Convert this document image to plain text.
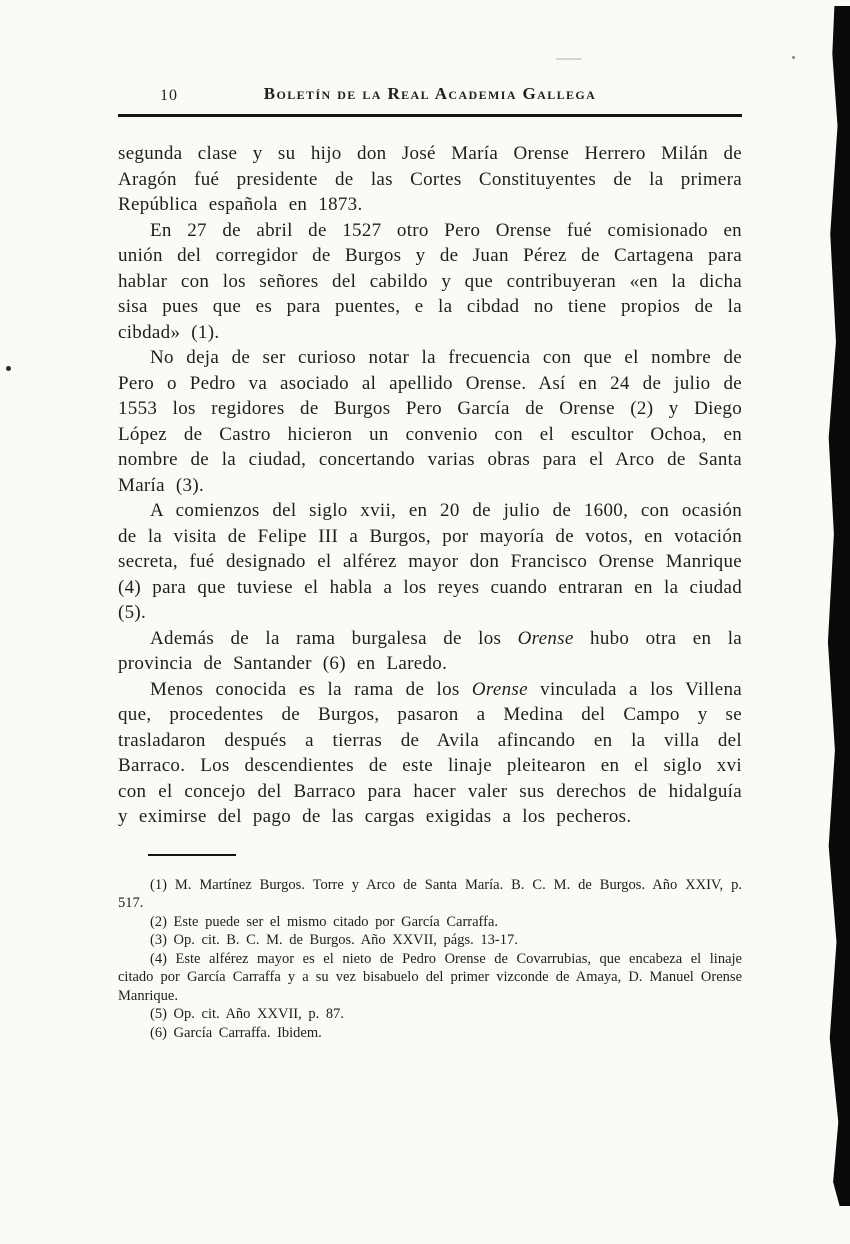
10	Boletín de la Real Academia Gallega

segunda clase y su hijo don José María Orense Herrero Milán de Aragón fué presidente de las Cortes Constituyentes de la primera República española en 1873.

En 27 de abril de 1527 otro Pero Orense fué comisionado en unión del corregidor de Burgos y de Juan Pérez de Cartagena para hablar con los señores del cabildo y que contribuyeran «en la dicha sisa pues que es para puentes, e la cibdad no tiene propios de la cibdad» (1).

No deja de ser curioso notar la frecuencia con que el nombre de Pero o Pedro va asociado al apellido Orense. Así en 24 de julio de 1553 los regidores de Burgos Pero García de Orense (2) y Diego López de Castro hicieron un convenio con el escultor Ochoa, en nombre de la ciudad, concertando varias obras para el Arco de Santa María (3).

A comienzos del siglo xvii, en 20 de julio de 1600, con ocasión de la visita de Felipe III a Burgos, por mayoría de votos, en votación secreta, fué designado el alférez mayor don Francisco Orense Manrique (4) para que tuviese el habla a los reyes cuando entraran en la ciudad (5).

Además de la rama burgalesa de los Orense hubo otra en la provincia de Santander (6) en Laredo.

Menos conocida es la rama de los Orense vinculada a los Villena que, procedentes de Burgos, pasaron a Medina del Campo y se trasladaron después a tierras de Avila afincando en la villa del Barraco. Los descendientes de este linaje pleitearon en el siglo xvi con el concejo del Barraco para hacer valer sus derechos de hidalguía y eximirse del pago de las cargas exigidas a los pecheros.

(1) M. Martínez Burgos. Torre y Arco de Santa María. B. C. M. de Burgos. Año XXIV, p. 517.

(2) Este puede ser el mismo citado por García Carraffa.

(3) Op. cit. B. C. M. de Burgos. Año XXVII, págs. 13-17.

(4) Este alférez mayor es el nieto de Pedro Orense de Covarrubias, que encabeza el linaje citado por García Carraffa y a su vez bisabuelo del primer vizconde de Amaya, D. Manuel Orense Manrique.

(5) Op. cit. Año XXVII, p. 87.

(6) García Carraffa. Ibidem.
